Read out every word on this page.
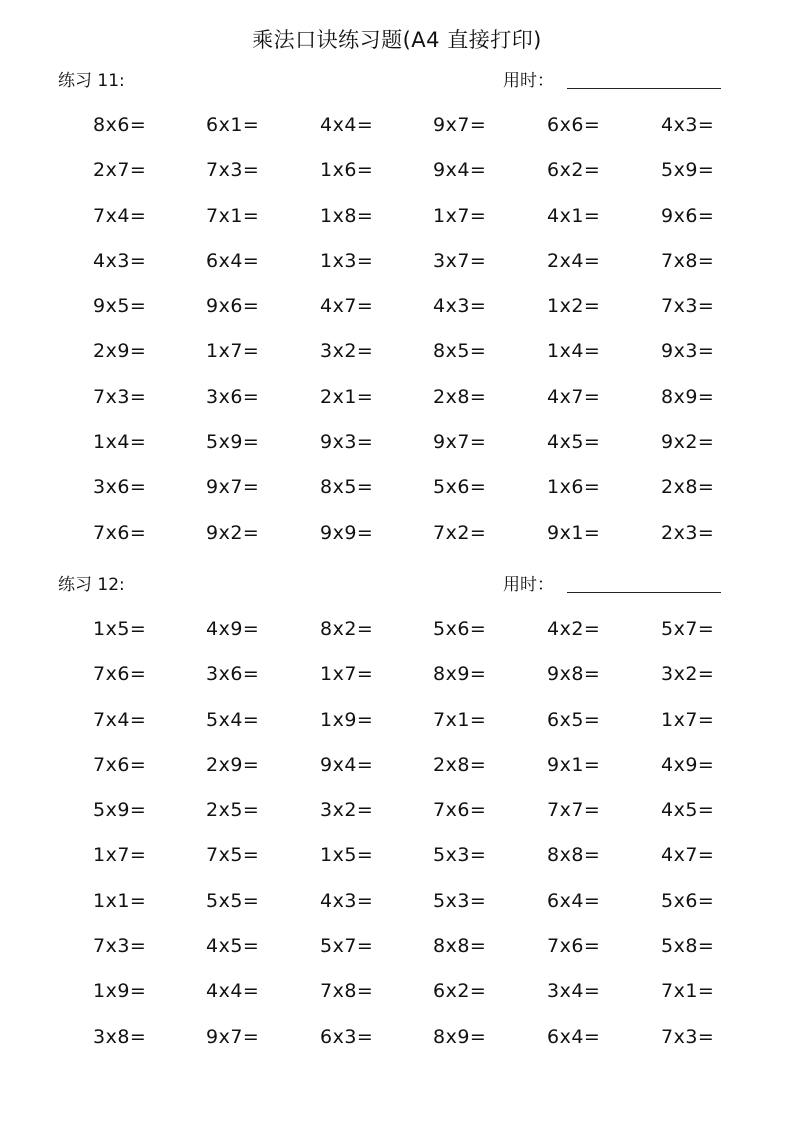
乘法口诀练习题(A4 直接打印)
练习 11:	用时：
8x6=	6x1=	4x4=	9x7=	6x6=	4x3=
2x7=	7x3=	1x6=	9x4=	6x2=	5x9=
7x4=	7x1=	1x8=	1x7=	4x1=	9x6=
4x3=	6x4=	1x3=	3x7=	2x4=	7x8=
9x5=	9x6=	4x7=	4x3=	1x2=	7x3=
2x9=	1x7=	3x2=	8x5=	1x4=	9x3=
7x3=	3x6=	2x1=	2x8=	4x7=	8x9=
1x4=	5x9=	9x3=	9x7=	4x5=	9x2=
3x6=	9x7=	8x5=	5x6=	1x6=	2x8=
7x6=	9x2=	9x9=	7x2=	9x1=	2x3=
练习 12:	用时：
1x5=	4x9=	8x2=	5x6=	4x2=	5x7=
7x6=	3x6=	1x7=	8x9=	9x8=	3x2=
7x4=	5x4=	1x9=	7x1=	6x5=	1x7=
7x6=	2x9=	9x4=	2x8=	9x1=	4x9=
5x9=	2x5=	3x2=	7x6=	7x7=	4x5=
1x7=	7x5=	1x5=	5x3=	8x8=	4x7=
1x1=	5x5=	4x3=	5x3=	6x4=	5x6=
7x3=	4x5=	5x7=	8x8=	7x6=	5x8=
1x9=	4x4=	7x8=	6x2=	3x4=	7x1=
3x8=	9x7=	6x3=	8x9=	6x4=	7x3=
